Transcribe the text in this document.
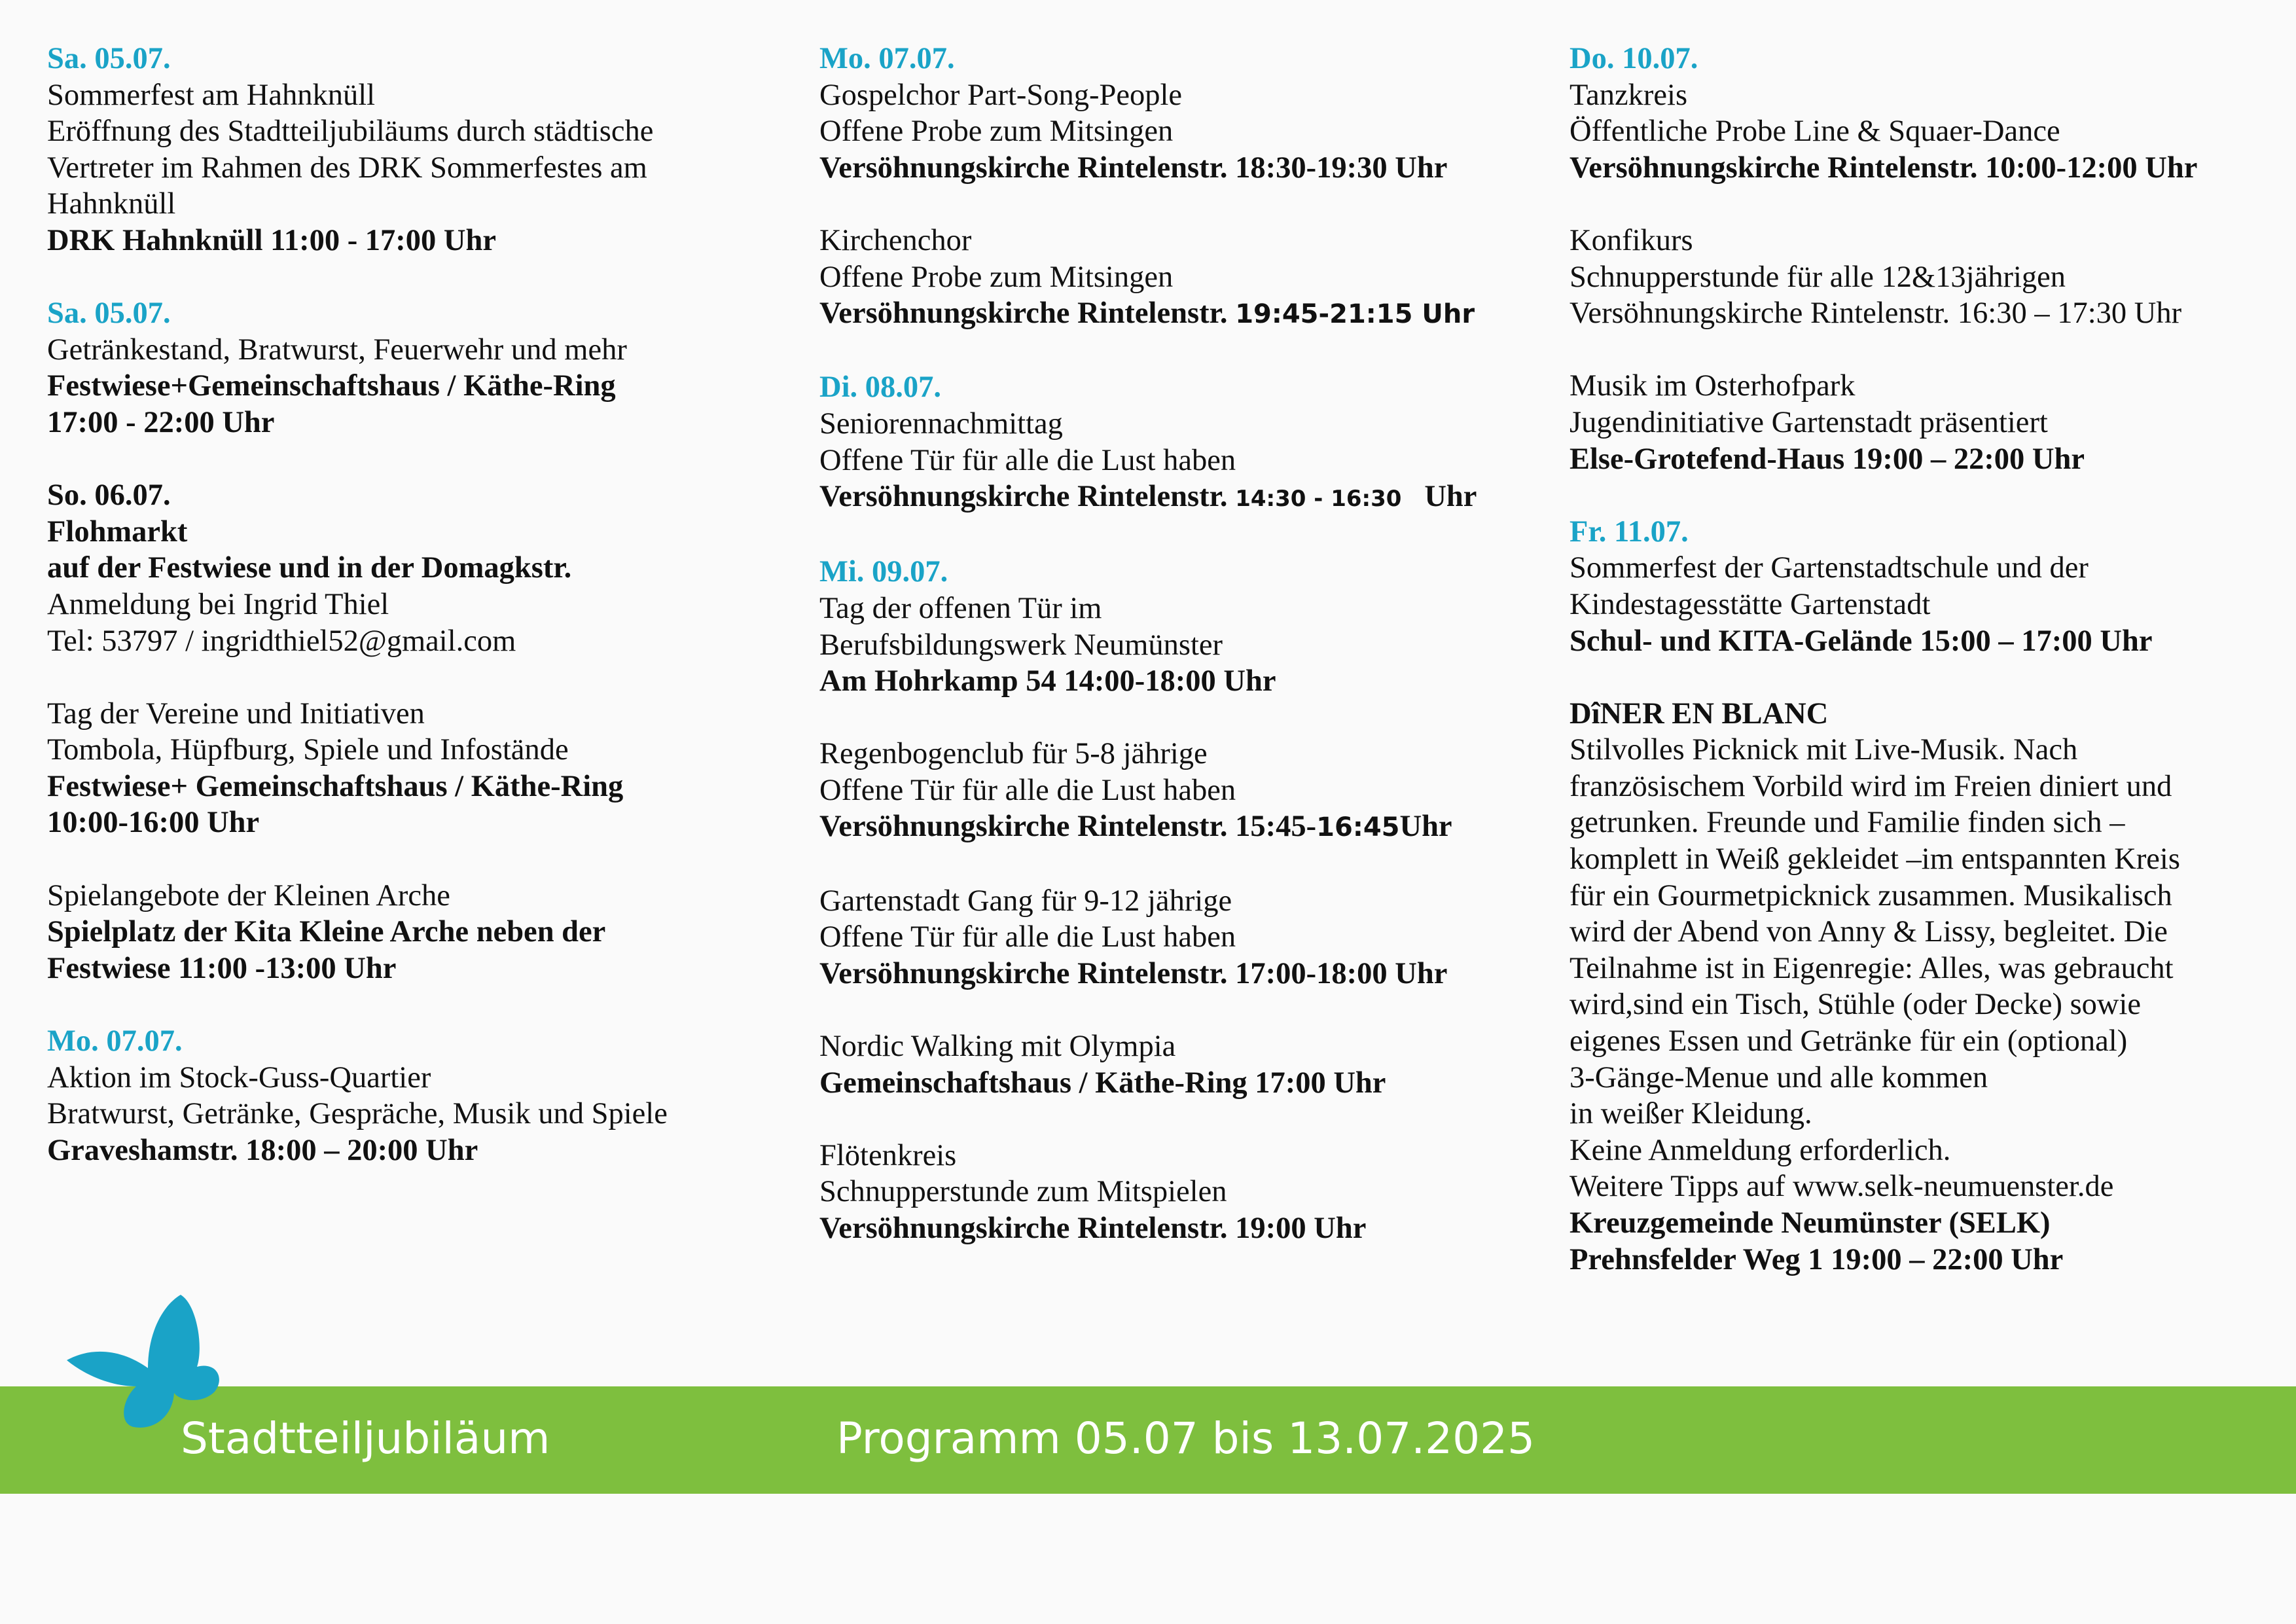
Sa. 05.07.
Sommerfest am Hahnknüll
Eröffnung des Stadtteiljubiläums durch städtische
Vertreter im Rahmen des DRK Sommerfestes am
Hahnknüll
DRK Hahnknüll 11:00 - 17:00 Uhr
Sa. 05.07.
Getränkestand, Bratwurst, Feuerwehr und mehr
Festwiese+Gemeinschaftshaus / Käthe-Ring
17:00 - 22:00 Uhr
So. 06.07.
Flohmarkt
auf der Festwiese und in der Domagkstr.
Anmeldung bei Ingrid Thiel
Tel: 53797 / ingridthiel52@gmail.com
Tag der Vereine und Initiativen
Tombola, Hüpfburg, Spiele und Infostände
Festwiese+ Gemeinschaftshaus / Käthe-Ring
10:00-16:00 Uhr
Spielangebote der Kleinen Arche
Spielplatz der Kita Kleine Arche neben der
Festwiese 11:00 -13:00 Uhr
Mo. 07.07.
Aktion im Stock-Guss-Quartier
Bratwurst, Getränke, Gespräche, Musik und Spiele
Graveshamstr. 18:00 – 20:00 Uhr
Mo. 07.07.
Gospelchor Part-Song-People
Offene Probe zum Mitsingen
Versöhnungskirche Rintelenstr. 18:30-19:30 Uhr
Kirchenchor
Offene Probe zum Mitsingen
Versöhnungskirche Rintelenstr. 19:45-21:15 Uhr
Di. 08.07.
Seniorennachmittag
Offene Tür für alle die Lust haben
Versöhnungskirche Rintelenstr. 14:30 - 16:30   Uhr
Mi. 09.07.
Tag der offenen Tür im
Berufsbildungswerk Neumünster
Am Hohrkamp 54 14:00-18:00 Uhr
Regenbogenclub für 5-8 jährige
Offene Tür für alle die Lust haben
Versöhnungskirche Rintelenstr. 15:45-16:45Uhr
Gartenstadt Gang für 9-12 jährige
Offene Tür für alle die Lust haben
Versöhnungskirche Rintelenstr. 17:00-18:00 Uhr
Nordic Walking mit Olympia
Gemeinschaftshaus / Käthe-Ring 17:00 Uhr
Flötenkreis
Schnupperstunde zum Mitspielen
Versöhnungskirche Rintelenstr. 19:00 Uhr
Do. 10.07.
Tanzkreis
Öffentliche Probe Line & Squaer-Dance
Versöhnungskirche Rintelenstr. 10:00-12:00 Uhr
Konfikurs
Schnupperstunde für alle 12&13jährigen
Versöhnungskirche Rintelenstr. 16:30 – 17:30 Uhr
Musik im Osterhofpark
Jugendinitiative Gartenstadt präsentiert
Else-Grotefend-Haus 19:00 – 22:00 Uhr
Fr. 11.07.
Sommerfest der Gartenstadtschule und der
Kindestagesstätte Gartenstadt
Schul- und KITA-Gelände 15:00 – 17:00 Uhr
DîNER EN BLANC
Stilvolles Picknick mit Live-Musik. Nach
französischem Vorbild wird im Freien diniert und
getrunken. Freunde und Familie finden sich –
komplett in Weiß gekleidet –im entspannten Kreis
für ein Gourmetpicknick zusammen. Musikalisch
wird der Abend von Anny & Lissy, begleitet. Die
Teilnahme ist in Eigenregie: Alles, was gebraucht
wird,sind ein Tisch, Stühle (oder Decke) sowie
eigenes Essen und Getränke für ein (optional)
3-Gänge-Menue und alle kommen
in weißer Kleidung.
Keine Anmeldung erforderlich.
Weitere Tipps auf www.selk-neumuenster.de
Kreuzgemeinde Neumünster (SELK)
Prehnsfelder Weg 1 19:00 – 22:00 Uhr
Stadtteiljubiläum	Programm 05.07 bis 13.07.2025
